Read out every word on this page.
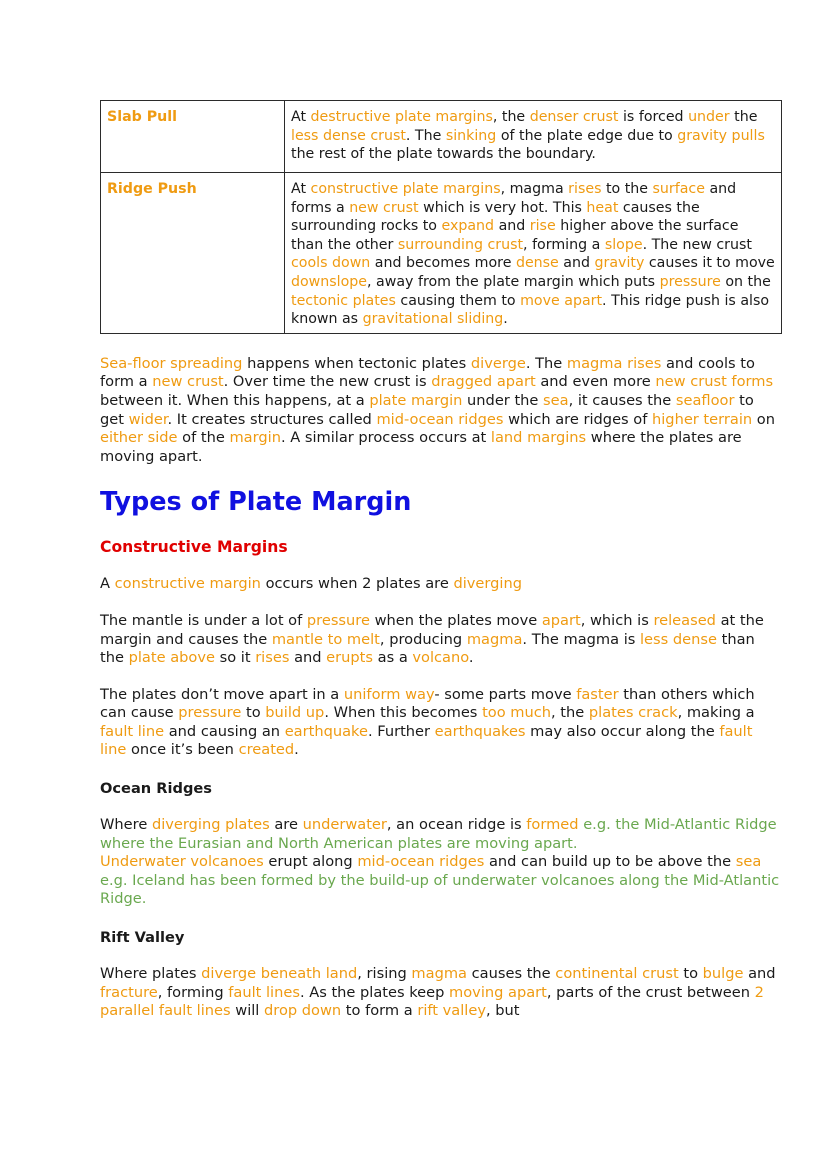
Slab Pull	At destructive plate margins, the denser crust is forced under the less dense crust. The sinking of the plate edge due to gravity pulls the rest of the plate towards the boundary.
Ridge Push	At constructive plate margins, magma rises to the surface and forms a new crust which is very hot. This heat causes the surrounding rocks to expand and rise higher above the surface than the other surrounding crust, forming a slope. The new crust cools down and becomes more dense and gravity causes it to move downslope, away from the plate margin which puts pressure on the tectonic plates causing them to move apart. This ridge push is also known as gravitational sliding.

Sea-floor spreading happens when tectonic plates diverge. The magma rises and cools to form a new crust. Over time the new crust is dragged apart and even more new crust forms between it. When this happens, at a plate margin under the sea, it causes the seafloor to get wider. It creates structures called mid-ocean ridges which are ridges of higher terrain on either side of the margin. A similar process occurs at land margins where the plates are moving apart.

Types of Plate Margin
Constructive Margins

A constructive margin occurs when 2 plates are diverging

The mantle is under a lot of pressure when the plates move apart, which is released at the margin and causes the mantle to melt, producing magma. The magma is less dense than the plate above so it rises and erupts as a volcano.

The plates don’t move apart in a uniform way- some parts move faster than others which can cause pressure to build up. When this becomes too much, the plates crack, making a fault line and causing an earthquake. Further earthquakes may also occur along the fault line once it’s been created.

Ocean Ridges

Where diverging plates are underwater, an ocean ridge is formed e.g. the Mid-Atlantic Ridge where the Eurasian and North American plates are moving apart.

Underwater volcanoes erupt along mid-ocean ridges and can build up to be above the sea e.g. Iceland has been formed by the build-up of underwater volcanoes along the Mid-Atlantic Ridge.

Rift Valley

Where plates diverge beneath land, rising magma causes the continental crust to bulge and fracture, forming fault lines. As the plates keep moving apart, parts of the crust between 2 parallel fault lines will drop down to form a rift valley, but
